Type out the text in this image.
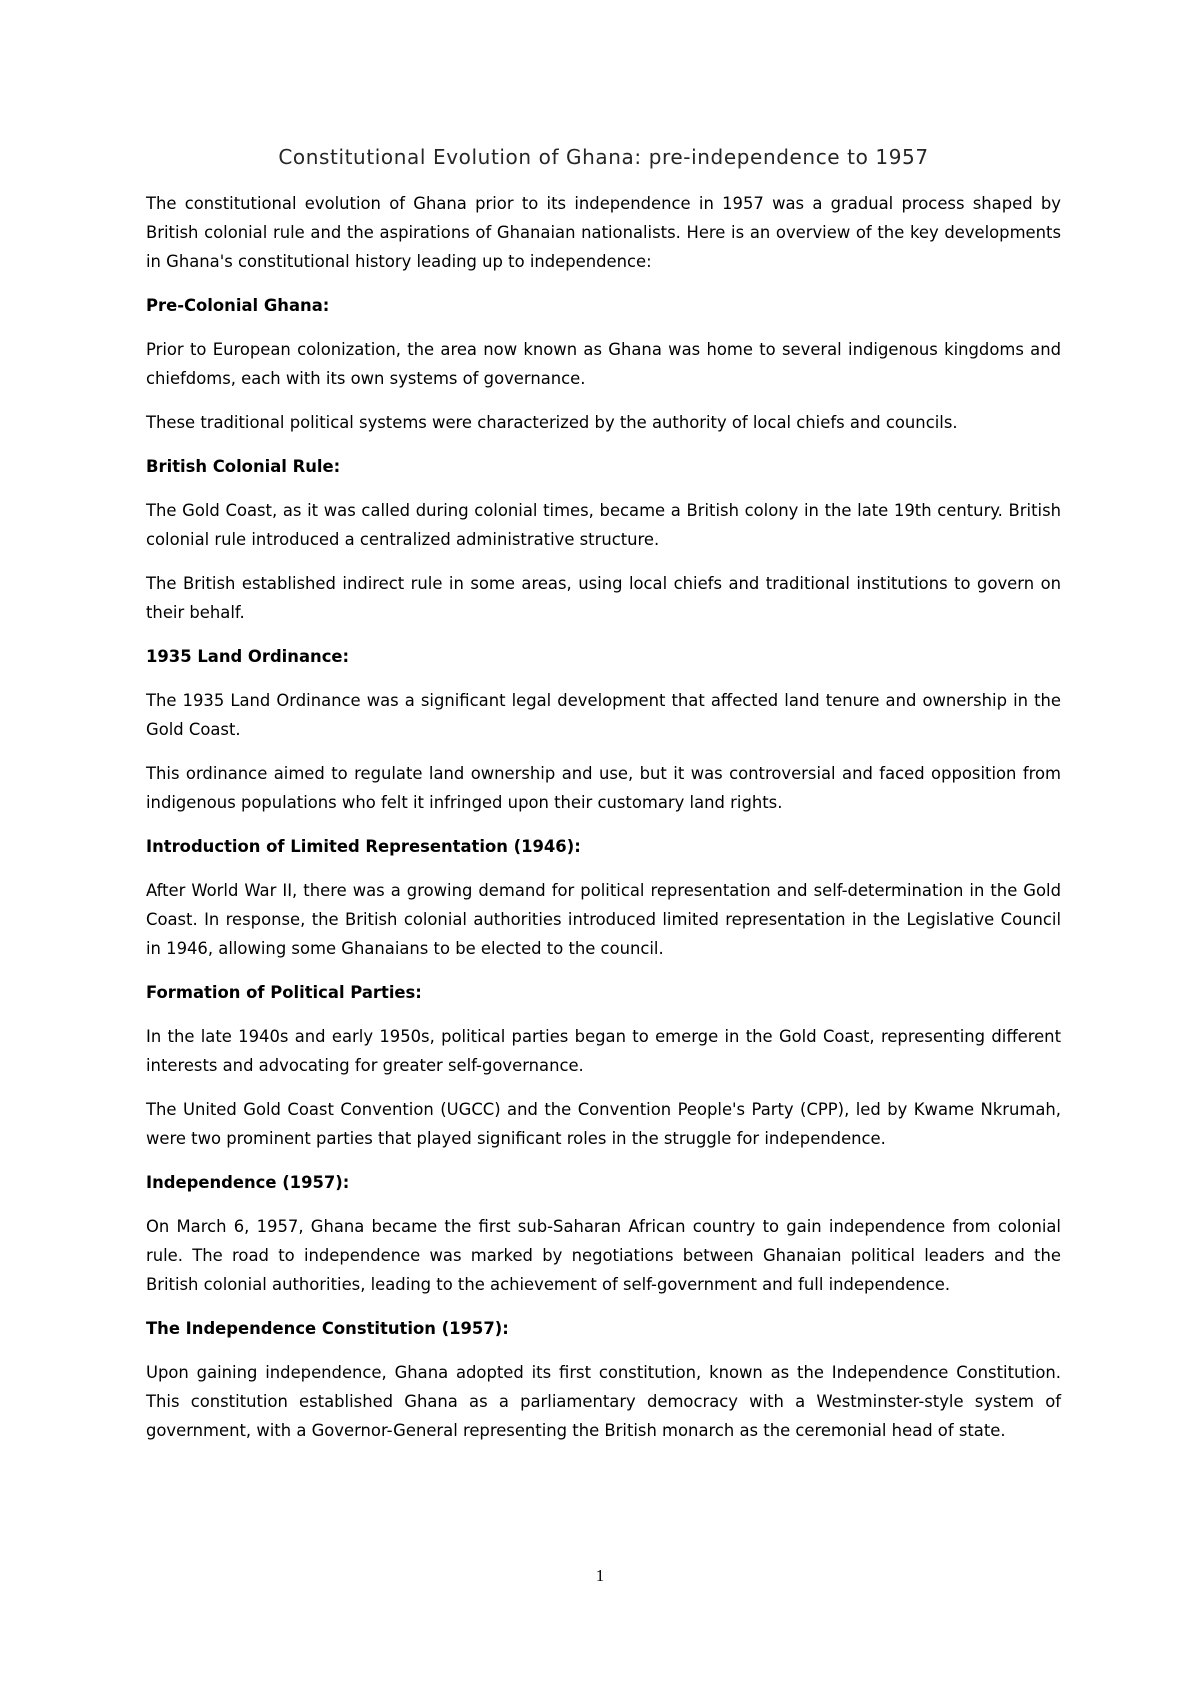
Constitutional Evolution of Ghana: pre-independence to 1957

The constitutional evolution of Ghana prior to its independence in 1957 was a gradual process shaped by British colonial rule and the aspirations of Ghanaian nationalists. Here is an overview of the key developments in Ghana's constitutional history leading up to independence:

Pre-Colonial Ghana:

Prior to European colonization, the area now known as Ghana was home to several indigenous kingdoms and chiefdoms, each with its own systems of governance.

These traditional political systems were characterized by the authority of local chiefs and councils.

British Colonial Rule:

The Gold Coast, as it was called during colonial times, became a British colony in the late 19th century. British colonial rule introduced a centralized administrative structure.

The British established indirect rule in some areas, using local chiefs and traditional institutions to govern on their behalf.

1935 Land Ordinance:

The 1935 Land Ordinance was a significant legal development that affected land tenure and ownership in the Gold Coast.

This ordinance aimed to regulate land ownership and use, but it was controversial and faced opposition from indigenous populations who felt it infringed upon their customary land rights.

Introduction of Limited Representation (1946):

After World War II, there was a growing demand for political representation and self-determination in the Gold Coast. In response, the British colonial authorities introduced limited representation in the Legislative Council in 1946, allowing some Ghanaians to be elected to the council.

Formation of Political Parties:

In the late 1940s and early 1950s, political parties began to emerge in the Gold Coast, representing different interests and advocating for greater self-governance.

The United Gold Coast Convention (UGCC) and the Convention People's Party (CPP), led by Kwame Nkrumah, were two prominent parties that played significant roles in the struggle for independence.

Independence (1957):

On March 6, 1957, Ghana became the first sub-Saharan African country to gain independence from colonial rule. The road to independence was marked by negotiations between Ghanaian political leaders and the British colonial authorities, leading to the achievement of self-government and full independence.

The Independence Constitution (1957):

Upon gaining independence, Ghana adopted its first constitution, known as the Independence Constitution. This constitution established Ghana as a parliamentary democracy with a Westminster-style system of government, with a Governor-General representing the British monarch as the ceremonial head of state.

1
